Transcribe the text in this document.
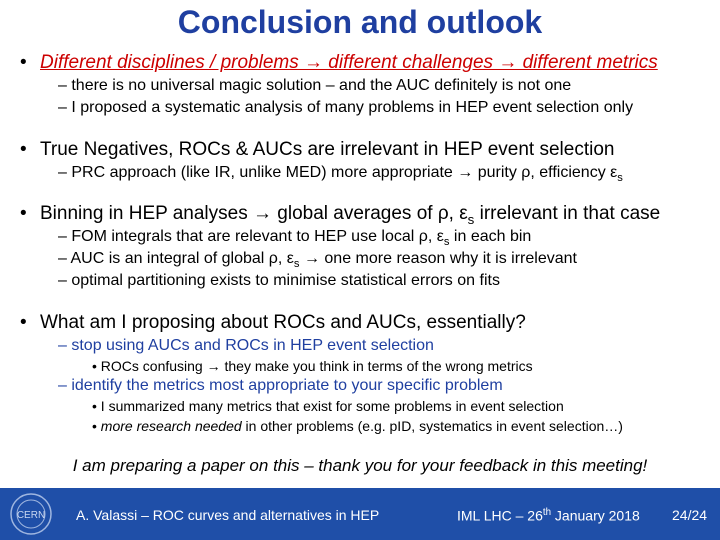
Conclusion and outlook
• Different disciplines / problems → different challenges → different metrics
– there is no universal magic solution – and the AUC definitely is not one
– I proposed a systematic analysis of many problems in HEP event selection only
• True Negatives, ROCs & AUCs are irrelevant in HEP event selection
– PRC approach (like IR, unlike MED) more appropriate → purity ρ, efficiency $\varepsilon_s$
• Binning in HEP analyses → global averages of ρ, $\varepsilon_s$ irrelevant in that case
– FOM integrals that are relevant to HEP use local ρ, $\varepsilon_s$ in each bin
– AUC is an integral of global ρ, $\varepsilon_s$ → one more reason why it is irrelevant
– optimal partitioning exists to minimise statistical errors on fits
• What am I proposing about ROCs and AUCs, essentially?
– stop using AUCs and ROCs in HEP event selection
• ROCs confusing → they make you think in terms of the wrong metrics
– identify the metrics most appropriate to your specific problem
• I summarized many metrics that exist for some problems in event selection
• more research needed in other problems (e.g. pID, systematics in event selection…)
I am preparing a paper on this – thank you for your feedback in this meeting!
CERN A. Valassi – ROC curves and alternatives in HEP	IML LHC – 26th January 2018 24/24
